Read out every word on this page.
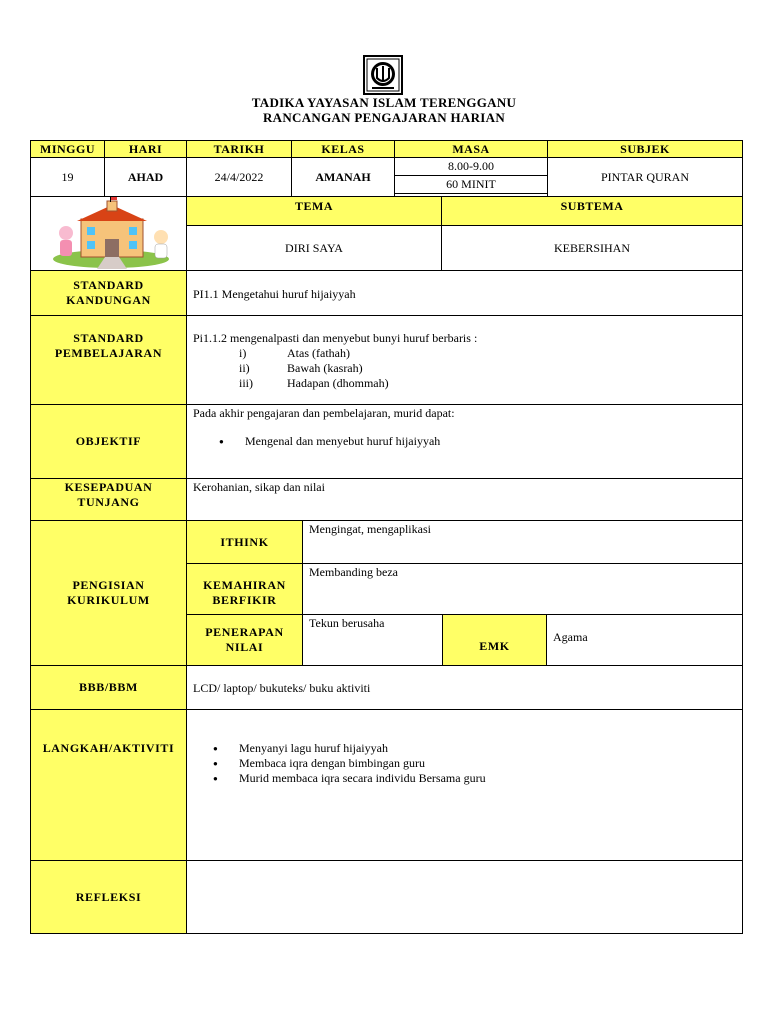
TADIKA YAYASAN ISLAM TERENGGANU
RANCANGAN PENGAJARAN HARIAN
MINGGU	HARI	TARIKH	KELAS	MASA	SUBJEK
19	AHAD	24/4/2022	AMANAH
8.00-9.00
60 MINIT
PINTAR QURAN
TEMA	SUBTEMA
DIRI SAYA	KEBERSIHAN
STANDARD
KANDUNGAN	PI1.1 Mengetahui huruf hijaiyyah
STANDARD
PEMBELAJARAN
Pi1.1.2 mengenalpasti dan menyebut bunyi huruf berbaris :
i)	Atas (fathah)
ii)	Bawah (kasrah)
iii)	Hadapan (dhommah)
OBJEKTIF
Pada akhir pengajaran dan pembelajaran, murid dapat:
● Mengenal dan menyebut huruf hijaiyyah
KESEPADUAN
TUNJANG
Kerohanian, sikap dan nilai
PENGISIAN
KURIKULUM
ITHINK
Mengingat, mengaplikasi
KEMAHIRAN
BERFIKIR
Membanding beza
PENERAPAN
NILAI
Tekun berusaha
EMK
Agama
BBB/BBM	LCD/ laptop/ bukuteks/ buku aktiviti
LANGKAH/AKTIVITI
●	Menyanyi lagu huruf hijaiyyah
● Membaca iqra dengan bimbingan guru
● Murid membaca iqra secara individu Bersama guru
REFLEKSI
